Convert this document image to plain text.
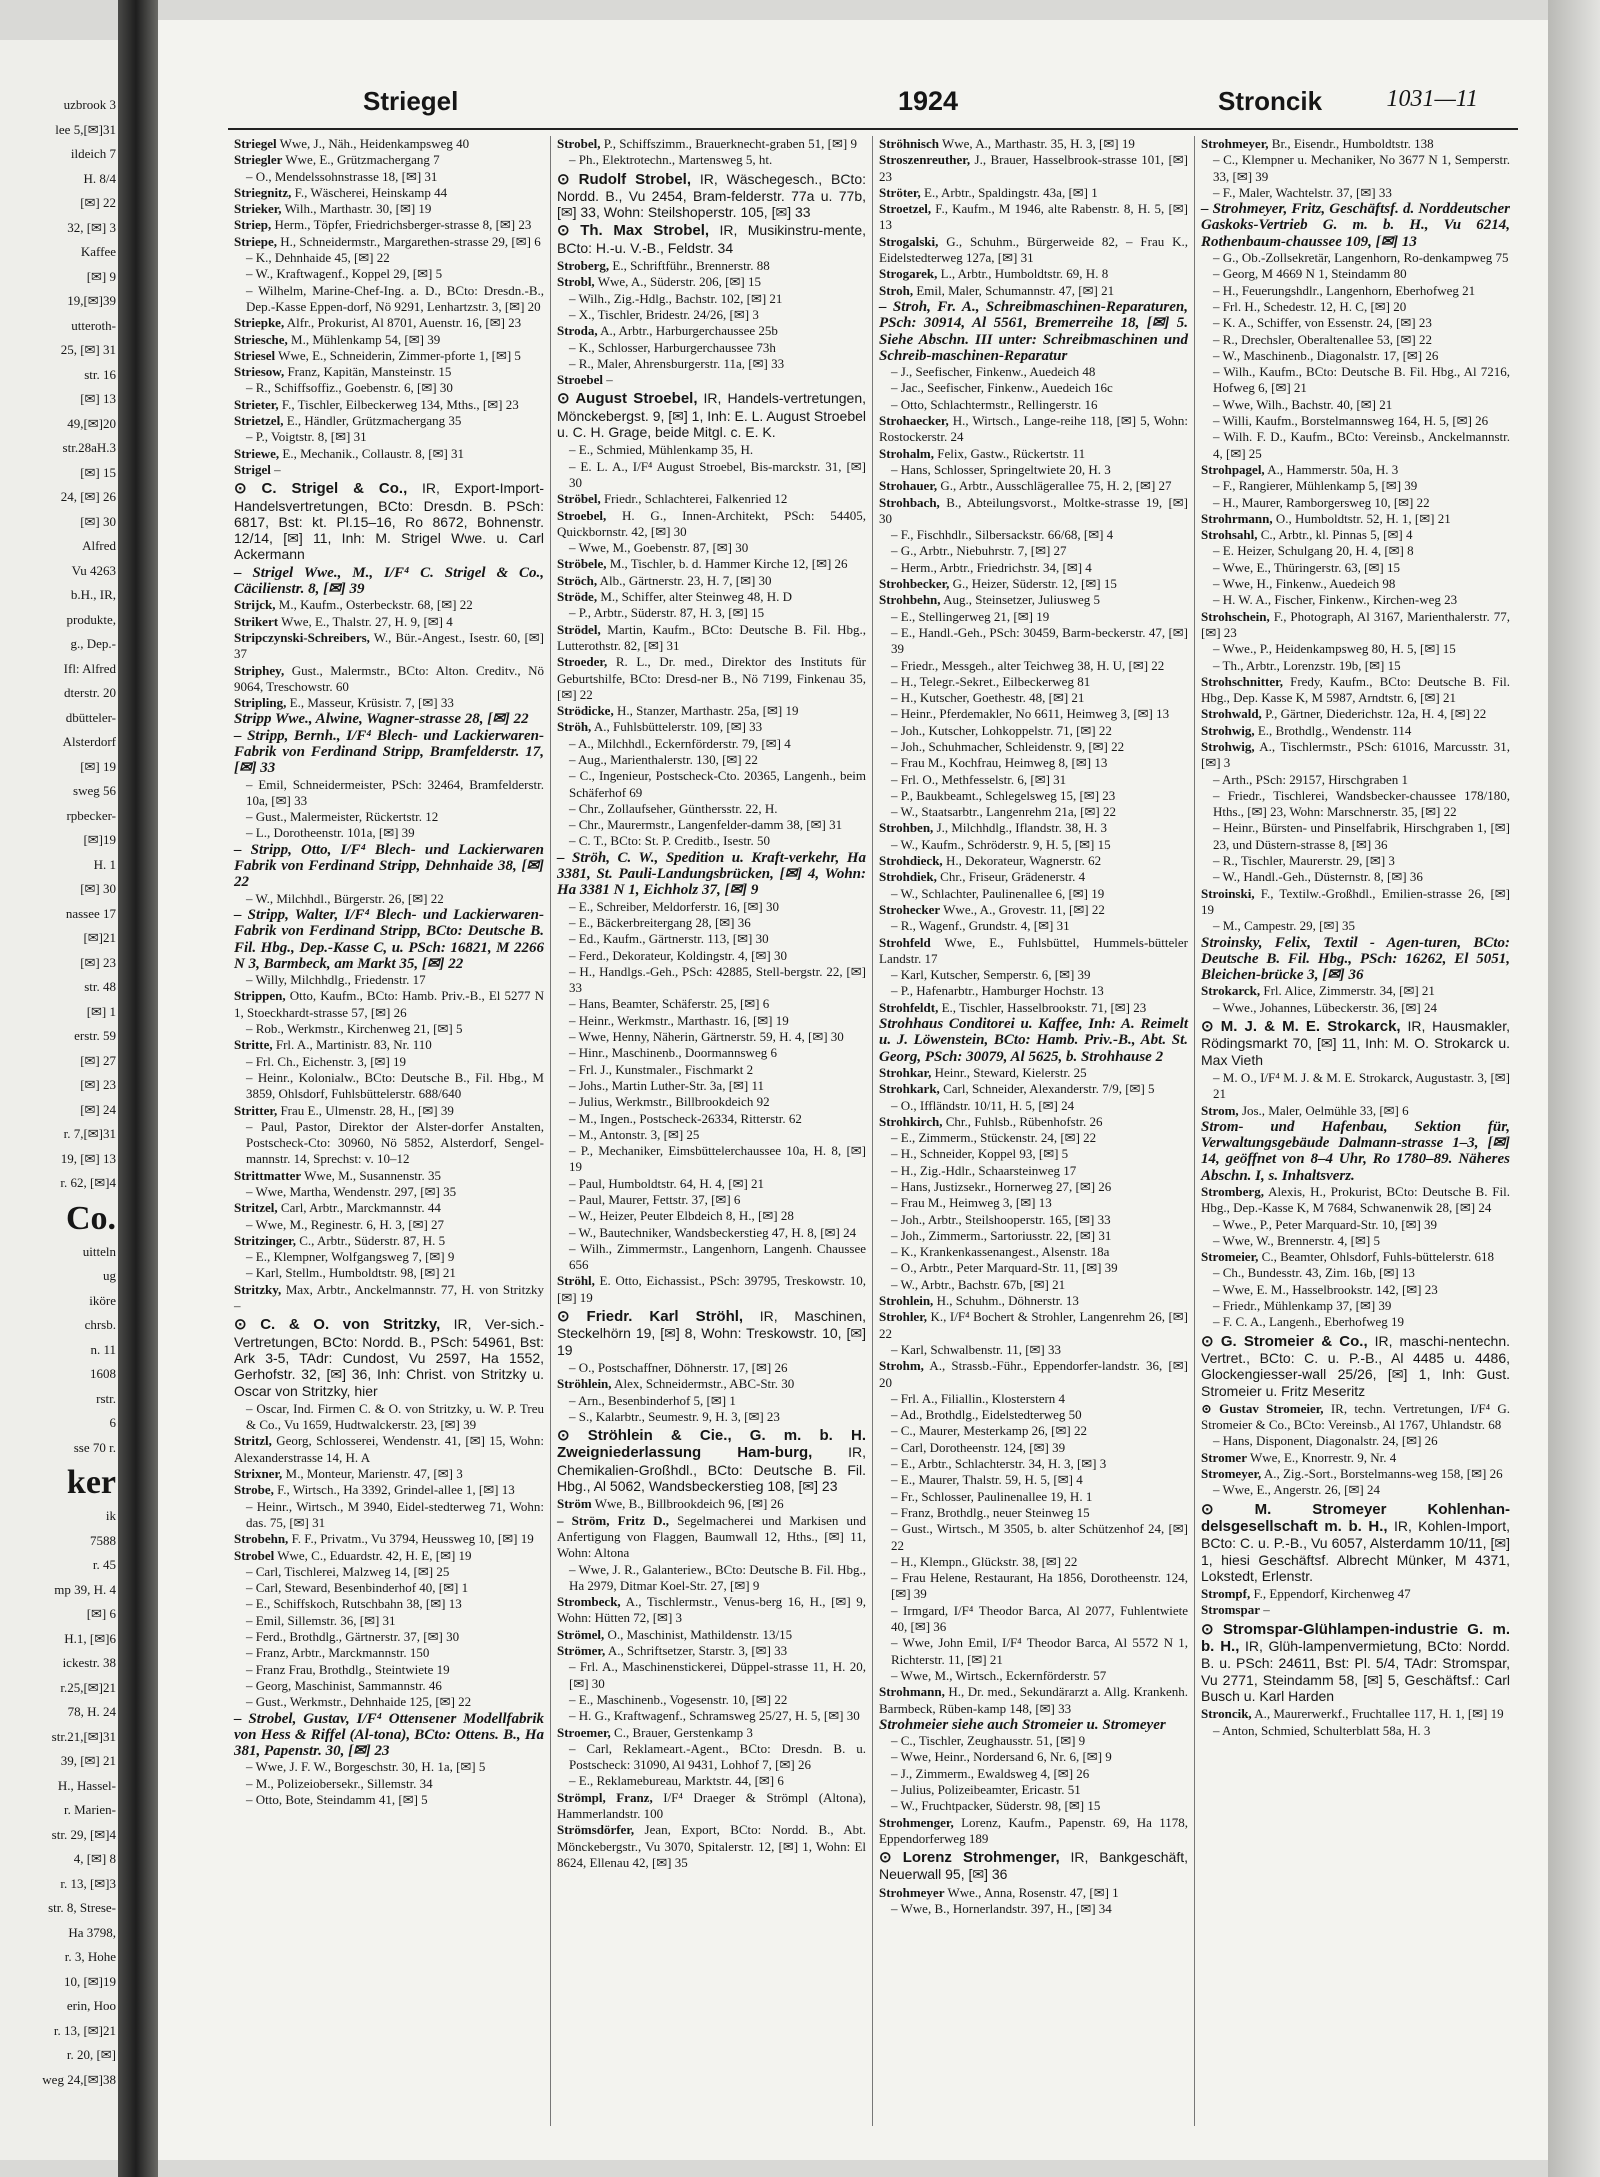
uzbrook 3
lee 5,[✉]31
ildeich 7
H. 8/4
[✉] 22
32, [✉] 3
Kaffee
[✉] 9
19,[✉]39
utteroth-
25, [✉] 31
str. 16
[✉] 13
49,[✉]20
str.28aH.3
[✉] 15
24, [✉] 26
[✉] 30
Alfred
Vu 4263
b.H., IR,
produkte,
g., Dep.-
Ifl: Alfred
dterstr. 20
dbütteler-
Alsterdorf
[✉] 19
sweg 56
rpbecker-
[✉]19
H. 1
[✉] 30
nassee 17
[✉]21
[✉] 23
str. 48
[✉] 1
erstr. 59
[✉] 27
[✉] 23
[✉] 24
r. 7,[✉]31
19, [✉] 13
r. 62, [✉]4
Co.
uitteln
ug
iköre
chrsb.
n. 11
1608
rstr.
6
sse 70 r.
ker
ik
7588
r. 45
mp 39, H. 4
[✉] 6
H.1, [✉]6
ickestr. 38
r.25,[✉]21
78, H. 24
str.21,[✉]31
39, [✉] 21
H., Hassel-
r. Marien-
str. 29, [✉]4
4, [✉] 8
r. 13, [✉]3
str. 8, Strese-
Ha 3798,
r. 3, Hohe
10, [✉]19
erin, Hoo
r. 13, [✉]21
r. 20, [✉]
weg 24,[✉]38
Striegel	1924	Stroncik	1031—11

Striegel Wwe, J., Näh., Heidenkampsweg 40

Striegler Wwe, E., Grützmachergang 7

– O., Mendelssohnstrasse 18, [✉] 31

Striegnitz, F., Wäscherei, Heinskamp 44

Strieker, Wilh., Marthastr. 30, [✉] 19

Striep, Herm., Töpfer, Friedrichsberger-strasse 8, [✉] 23

Striepe, H., Schneidermstr., Margarethen-strasse 29, [✉] 6

– K., Dehnhaide 45, [✉] 22

– W., Kraftwagenf., Koppel 29, [✉] 5

– Wilhelm, Marine-Chef-Ing. a. D., BCto: Dresdn.-B., Dep.-Kasse Eppen-dorf, Nö 9291, Lenhartzstr. 3, [✉] 20

Striepke, Alfr., Prokurist, Al 8701, Auenstr. 16, [✉] 23

Striesche, M., Mühlenkamp 54, [✉] 39

Striesel Wwe, E., Schneiderin, Zimmer-pforte 1, [✉] 5

Striesow, Franz, Kapitän, Mansteinstr. 15

– R., Schiffsoffiz., Goebenstr. 6, [✉] 30

Strieter, F., Tischler, Eilbeckerweg 134, Mths., [✉] 23

Strietzel, E., Händler, Grützmachergang 35

– P., Voigtstr. 8, [✉] 31

Striewe, E., Mechanik., Collaustr. 8, [✉] 31

Strigel –

⊙ C. Strigel & Co., IR, Export-Import-Handelsvertretungen, BCto: Dresdn. B. PSch: 6817, Bst: kt. Pl.15–16, Ro 8672, Bohnenstr. 12/14, [✉] 11, Inh: M. Strigel Wwe. u. Carl Ackermann

– Strigel Wwe., M., I/F⁴ C. Strigel & Co., Cäcilienstr. 8, [✉] 39

Strijck, M., Kaufm., Osterbeckstr. 68, [✉] 22

Strikert Wwe, E., Thalstr. 27, H. 9, [✉] 4

Stripczynski-Schreibers, W., Bür.-Angest., Isestr. 60, [✉] 37

Striphey, Gust., Malermstr., BCto: Alton. Creditv., Nö 9064, Treschowstr. 60

Stripling, E., Masseur, Krüsistr. 7, [✉] 33

Stripp Wwe., Alwine, Wagner-strasse 28, [✉] 22

– Stripp, Bernh., I/F⁴ Blech- und Lackierwaren-Fabrik von Ferdinand Stripp, Bramfelderstr. 17, [✉] 33

– Emil, Schneidermeister, PSch: 32464, Bramfelderstr. 10a, [✉] 33

– Gust., Malermeister, Rückertstr. 12

– L., Dorotheenstr. 101a, [✉] 39

– Stripp, Otto, I/F⁴ Blech- und Lackierwaren Fabrik von Ferdinand Stripp, Dehnhaide 38, [✉] 22

– W., Milchhdl., Bürgerstr. 26, [✉] 22

– Stripp, Walter, I/F⁴ Blech- und Lackierwaren-Fabrik von Ferdinand Stripp, BCto: Deutsche B. Fil. Hbg., Dep.-Kasse C, u. PSch: 16821, M 2266 N 3, Barmbeck, am Markt 35, [✉] 22

– Willy, Milchhdlg., Friedenstr. 17

Strippen, Otto, Kaufm., BCto: Hamb. Priv.-B., El 5277 N 1, Stoeckhardt-strasse 57, [✉] 26

– Rob., Werkmstr., Kirchenweg 21, [✉] 5

Stritte, Frl. A., Martinistr. 83, Nr. 110

– Frl. Ch., Eichenstr. 3, [✉] 19

– Heinr., Kolonialw., BCto: Deutsche B., Fil. Hbg., M 3859, Ohlsdorf, Fuhlsbüttelerstr. 688/640

Stritter, Frau E., Ulmenstr. 28, H., [✉] 39

– Paul, Pastor, Direktor der Alster-dorfer Anstalten, Postscheck-Cto: 30960, Nö 5852, Alsterdorf, Sengel-mannstr. 14, Sprechst: v. 10–12

Strittmatter Wwe, M., Susannenstr. 35

– Wwe, Martha, Wendenstr. 297, [✉] 35

Stritzel, Carl, Arbtr., Marckmannstr. 44

– Wwe, M., Reginestr. 6, H. 3, [✉] 27

Stritzinger, C., Arbtr., Süderstr. 87, H. 5

– E., Klempner, Wolfgangsweg 7, [✉] 9

– Karl, Stellm., Humboldtstr. 98, [✉] 21

Stritzky, Max, Arbtr., Anckelmannstr. 77, H. von Stritzky –

⊙ C. & O. von Stritzky, IR, Ver-sich.-Vertretungen, BCto: Nordd. B., PSch: 54961, Bst: Ark 3-5, TAdr: Cundost, Vu 2597, Ha 1552, Gerhofstr. 32, [✉] 36, Inh: Christ. von Stritzky u. Oscar von Stritzky, hier

– Oscar, Ind. Firmen C. & O. von Stritzky, u. W. P. Treu & Co., Vu 1659, Hudtwalckerstr. 23, [✉] 39

Stritzl, Georg, Schlosserei, Wendenstr. 41, [✉] 15, Wohn: Alexanderstrasse 14, H. A

Strixner, M., Monteur, Marienstr. 47, [✉] 3

Strobe, F., Wirtsch., Ha 3392, Grindel-allee 1, [✉] 13

– Heinr., Wirtsch., M 3940, Eidel-stedterweg 71, Wohn: das. 75, [✉] 31

Strobehn, F. F., Privatm., Vu 3794, Heussweg 10, [✉] 19

Strobel Wwe, C., Eduardstr. 42, H. E, [✉] 19

– Carl, Tischlerei, Malzweg 14, [✉] 25

– Carl, Steward, Besenbinderhof 40, [✉] 1

– E., Schiffskoch, Rutschbahn 38, [✉] 13

– Emil, Sillemstr. 36, [✉] 31

– Ferd., Brothdlg., Gärtnerstr. 37, [✉] 30

– Franz, Arbtr., Marckmannstr. 150

– Franz Frau, Brothdlg., Steintwiete 19

– Georg, Maschinist, Sammannstr. 46

– Gust., Werkmstr., Dehnhaide 125, [✉] 22

– Strobel, Gustav, I/F⁴ Ottensener Modellfabrik von Hess & Riffel (Al-tona), BCto: Ottens. B., Ha 381, Papenstr. 30, [✉] 23

– Wwe, J. F. W., Borgeschstr. 30, H. 1a, [✉] 5

– M., Polizeiobersekr., Sillemstr. 34

– Otto, Bote, Steindamm 41, [✉] 5

Strobel, P., Schiffszimm., Brauerknecht-graben 51, [✉] 9

– Ph., Elektrotechn., Martensweg 5, ht.

⊙ Rudolf Strobel, IR, Wäschegesch., BCto: Nordd. B., Vu 2454, Bram-felderstr. 77a u. 77b, [✉] 33, Wohn: Steilshoperstr. 105, [✉] 33

⊙ Th. Max Strobel, IR, Musikinstru-mente, BCto: H.-u. V.-B., Feldstr. 34

Stroberg, E., Schriftführ., Brennerstr. 88

Strobl, Wwe, A., Süderstr. 206, [✉] 15

– Wilh., Zig.-Hdlg., Bachstr. 102, [✉] 21

– X., Tischler, Bridestr. 24/26, [✉] 3

Stroda, A., Arbtr., Harburgerchaussee 25b

– K., Schlosser, Harburgerchaussee 73h

– R., Maler, Ahrensburgerstr. 11a, [✉] 33

Stroebel –

⊙ August Stroebel, IR, Handels-vertretungen, Mönckebergst. 9, [✉] 1, Inh: E. L. August Stroebel u. C. H. Grage, beide Mitgl. c. E. K.

– E., Schmied, Mühlenkamp 35, H.

– E. L. A., I/F⁴ August Stroebel, Bis-marckstr. 31, [✉] 30

Ströbel, Friedr., Schlachterei, Falkenried 12

Stroebel, H. G., Innen-Architekt, PSch: 54405, Quickbornstr. 42, [✉] 30

– Wwe, M., Goebenstr. 87, [✉] 30

Ströbele, M., Tischler, b. d. Hammer Kirche 12, [✉] 26

Ströch, Alb., Gärtnerstr. 23, H. 7, [✉] 30

Ströde, M., Schiffer, alter Steinweg 48, H. D

– P., Arbtr., Süderstr. 87, H. 3, [✉] 15

Strödel, Martin, Kaufm., BCto: Deutsche B. Fil. Hbg., Lutterothstr. 82, [✉] 31

Stroeder, R. L., Dr. med., Direktor des Instituts für Geburtshilfe, BCto: Dresd-ner B., Nö 7199, Finkenau 35, [✉] 22

Strödicke, H., Stanzer, Marthastr. 25a, [✉] 19

Ströh, A., Fuhlsbüttelerstr. 109, [✉] 33

– A., Milchhdl., Eckernförderstr. 79, [✉] 4

– Aug., Marienthalerstr. 130, [✉] 22

– C., Ingenieur, Postscheck-Cto. 20365, Langenh., beim Schäferhof 69

– Chr., Zollaufseher, Günthersstr. 22, H.

– Chr., Maurermstr., Langenfelder-damm 38, [✉] 31

– C. T., BCto: St. P. Creditb., Isestr. 50

– Ströh, C. W., Spedition u. Kraft-verkehr, Ha 3381, St. Pauli-Landungsbrücken, [✉] 4, Wohn: Ha 3381 N 1, Eichholz 37, [✉] 9

– E., Schreiber, Meldorferstr. 16, [✉] 30

– E., Bäckerbreitergang 28, [✉] 36

– Ed., Kaufm., Gärtnerstr. 113, [✉] 30

– Ferd., Dekorateur, Koldingstr. 4, [✉] 30

– H., Handlgs.-Geh., PSch: 42885, Stell-bergstr. 22, [✉] 33

– Hans, Beamter, Schäferstr. 25, [✉] 6

– Heinr., Werkmstr., Marthastr. 16, [✉] 19

– Wwe, Henny, Näherin, Gärtnerstr. 59, H. 4, [✉] 30

– Hinr., Maschinenb., Doormannsweg 6

– Frl. J., Kunstmaler., Fischmarkt 2

– Johs., Martin Luther-Str. 3a, [✉] 11

– Julius, Werkmstr., Billbrookdeich 92

– M., Ingen., Postscheck-26334, Ritterstr. 62

– M., Antonstr. 3, [✉] 25

– P., Mechaniker, Eimsbüttelerchaussee 10a, H. 8, [✉] 19

– Paul, Humboldtstr. 64, H. 4, [✉] 21

– Paul, Maurer, Fettstr. 37, [✉] 6

– W., Heizer, Peuter Elbdeich 8, H., [✉] 28

– W., Bautechniker, Wandsbeckerstieg 47, H. 8, [✉] 24

– Wilh., Zimmermstr., Langenhorn, Langenh. Chaussee 656

Ströhl, E. Otto, Eichassist., PSch: 39795, Treskowstr. 10, [✉] 19

⊙ Friedr. Karl Ströhl, IR, Maschinen, Steckelhörn 19, [✉] 8, Wohn: Treskowstr. 10, [✉] 19

– O., Postschaffner, Döhnerstr. 17, [✉] 26

Ströhlein, Alex, Schneidermstr., ABC-Str. 30

– Arn., Besenbinderhof 5, [✉] 1

– S., Kalarbtr., Seumestr. 9, H. 3, [✉] 23

⊙ Ströhlein & Cie., G. m. b. H. Zweigniederlassung Ham-burg,	IR, Chemikalien-Großhdl., BCto: Deutsche B. Fil. Hbg., Al 5062, Wandsbeckerstieg 108, [✉] 23

Ström Wwe, B., Billbrookdeich 96, [✉] 26

– Ström, Fritz D., Segelmacherei und Markisen und Anfertigung von Flaggen, Baumwall 12, Hths., [✉] 11, Wohn: Altona

– Wwe, J. R., Galanteriew., BCto: Deutsche B. Fil. Hbg., Ha 2979, Ditmar Koel-Str. 27, [✉] 9

Strombeck, A., Tischlermstr., Venus-berg 16, H., [✉] 9, Wohn: Hütten 72, [✉] 3

Strömel, O., Maschinist, Mathildenstr. 13/15

Strömer, A., Schriftsetzer, Starstr. 3, [✉] 33

– Frl. A., Maschinenstickerei, Düppel-strasse 11, H. 20, [✉] 30

– E., Maschinenb., Vogesenstr. 10, [✉] 22

– H. G., Kraftwagenf., Schramsweg 25/27, H. 5, [✉] 30

Stroemer, C., Brauer, Gerstenkamp 3

– Carl, Reklameart.-Agent., BCto: Dresdn. B. u. Postscheck: 31090, Al 9431, Lohhof 7, [✉] 26

– E., Reklamebureau, Marktstr. 44, [✉] 6

Strömpl, Franz, I/F⁴ Draeger & Strömpl (Altona), Hammerlandstr. 100

Strömsdörfer, Jean, Export, BCto: Nordd. B., Abt. Mönckebergstr., Vu 3070, Spitalerstr. 12, [✉] 1, Wohn: El 8624, Ellenau 42, [✉] 35

Ströhnisch Wwe, A., Marthastr. 35, H. 3, [✉] 19

Stroszenreuther, J., Brauer, Hasselbrook-strasse 101, [✉] 23

Ströter, E., Arbtr., Spaldingstr. 43a, [✉] 1

Stroetzel, F., Kaufm., M 1946, alte Rabenstr. 8, H. 5, [✉] 13

Strogalski, G., Schuhm., Bürgerweide 82, – Frau K., Eidelstedterweg 127a, [✉] 31

Strogarek, L., Arbtr., Humboldtstr. 69, H. 8

Stroh, Emil, Maler, Schumannstr. 47, [✉] 21

– Stroh, Fr. A., Schreibmaschinen-Reparaturen, PSch: 30914, Al 5561, Bremerreihe 18, [✉] 5. Siehe Abschn. III unter: Schreibmaschinen und Schreib-maschinen-Reparatur

– J., Seefischer, Finkenw., Auedeich 48

– Jac., Seefischer, Finkenw., Auedeich 16c

– Otto, Schlachtermstr., Rellingerstr. 16

Strohaecker, H., Wirtsch., Lange-reihe 118, [✉] 5, Wohn: Rostockerstr. 24

Strohalm, Felix, Gastw., Rückertstr. 11

– Hans, Schlosser, Springeltwiete 20, H. 3

Strohauer, G., Arbtr., Ausschlägerallee 75, H. 2, [✉] 27

Strohbach, B., Abteilungsvorst., Moltke-strasse 19, [✉] 30

– F., Fischhdlr., Silbersackstr. 66/68, [✉] 4

– G., Arbtr., Niebuhrstr. 7, [✉] 27

– Herm., Arbtr., Friedrichstr. 34, [✉] 4

Strohbecker, G., Heizer, Süderstr. 12, [✉] 15

Strohbehn, Aug., Steinsetzer, Juliusweg 5

– E., Stellingerweg 21, [✉] 19

– E., Handl.-Geh., PSch: 30459, Barm-beckerstr. 47, [✉] 39

– Friedr., Messgeh., alter Teichweg 38, H. U, [✉] 22

– H., Telegr.-Sekret., Eilbeckerweg 81

– H., Kutscher, Goethestr. 48, [✉] 21

– Heinr., Pferdemakler, No 6611, Heimweg 3, [✉] 13

– Joh., Kutscher, Lohkoppelstr. 71, [✉] 22

– Joh., Schuhmacher, Schleidenstr. 9, [✉] 22

– Frau M., Kochfrau, Heimweg 8, [✉] 13

– Frl. O., Methfesselstr. 6, [✉] 31

– P., Baukbeamt., Schlegelsweg 15, [✉] 23

– W., Staatsarbtr., Langenrehm 21a, [✉] 22

Strohben, J., Milchhdlg., Iflandstr. 38, H. 3

– W., Kaufm., Schröderstr. 9, H. 5, [✉] 15

Strohdieck, H., Dekorateur, Wagnerstr. 62

Strohdiek, Chr., Friseur, Grädenerstr. 4

– W., Schlachter, Paulinenallee 6, [✉] 19

Strohecker Wwe., A., Grovestr. 11, [✉] 22

– R., Wagenf., Grundstr. 4, [✉] 31

Strohfeld Wwe, E., Fuhlsbüttel, Hummels-bütteler Landstr. 17

– Karl, Kutscher, Semperstr. 6, [✉] 39

– P., Hafenarbtr., Hamburger Hochstr. 13

Strohfeldt, E., Tischler, Hasselbrookstr. 71, [✉] 23

Strohhaus Conditorei u. Kaffee, Inh: A. Reimelt u. J. Löwenstein, BCto: Hamb. Priv.-B., Abt. St. Georg, PSch: 30079, Al 5625, b. Strohhause 2

Strohkar, Heinr., Steward, Kielerstr. 25

Strohkark, Carl, Schneider, Alexanderstr. 7/9, [✉] 5

– O., Iffländstr. 10/11, H. 5, [✉] 24

Strohkirch, Chr., Fuhlsb., Rübenhofstr. 26

– E., Zimmerm., Stückenstr. 24, [✉] 22

– H., Schneider, Koppel 93, [✉] 5

– H., Zig.-Hdlr., Schaarsteinweg 17

– Hans, Justizsekr., Hornerweg 27, [✉] 26

– Frau M., Heimweg 3, [✉] 13

– Joh., Arbtr., Steilshooperstr. 165, [✉] 33

– Joh., Zimmerm., Sartoriusstr. 22, [✉] 31

– K., Krankenkassenangest., Alsenstr. 18a

– O., Arbtr., Peter Marquard-Str. 11, [✉] 39

– W., Arbtr., Bachstr. 67b, [✉] 21

Strohlein, H., Schuhm., Döhnerstr. 13

Strohler, K., I/F⁴ Bochert & Strohler, Langenrehm 26, [✉] 22

– Karl, Schwalbenstr. 11, [✉] 33

Strohm, A., Strassb.-Führ., Eppendorfer-landstr. 36, [✉] 20

– Frl. A., Filiallin., Klosterstern 4

– Ad., Brothdlg., Eidelstedterweg 50

– C., Maurer, Mesterkamp 26, [✉] 22

– Carl, Dorotheenstr. 124, [✉] 39

– E., Arbtr., Schlachterstr. 34, H. 3, [✉] 3

– E., Maurer, Thalstr. 59, H. 5, [✉] 4

– Fr., Schlosser, Paulinenallee 19, H. 1

– Franz, Brothdlg., neuer Steinweg 15

– Gust., Wirtsch., M 3505, b. alter Schützenhof 24, [✉] 22

– H., Klempn., Glückstr. 38, [✉] 22

– Frau Helene, Restaurant, Ha 1856, Dorotheenstr. 124, [✉] 39

– Irmgard, I/F⁴ Theodor Barca, Al 2077, Fuhlentwiete 40, [✉] 36

– Wwe, John Emil, I/F⁴ Theodor Barca, Al 5572 N 1, Richterstr. 11, [✉] 21

– Wwe, M., Wirtsch., Eckernförderstr. 57

Strohmann, H., Dr. med., Sekundärarzt a. Allg. Krankenh. Barmbeck, Rüben-kamp 148, [✉] 33

Strohmeier siehe auch Stromeier u. Stromeyer

– C., Tischler, Zeughausstr. 51, [✉] 9

– Wwe, Heinr., Nordersand 6, Nr. 6, [✉] 9

– J., Zimmerm., Ewaldsweg 4, [✉] 26

– Julius, Polizeibeamter, Ericastr. 51

– W., Fruchtpacker, Süderstr. 98, [✉] 15

Strohmenger, Lorenz, Kaufm., Papenstr. 69, Ha 1178, Eppendorferweg 189

⊙ Lorenz Strohmenger, IR, Bankgeschäft, Neuerwall 95, [✉] 36

Strohmeyer Wwe., Anna, Rosenstr. 47, [✉] 1

– Wwe, B., Hornerlandstr. 397, H., [✉] 34

Strohmeyer, Br., Eisendr., Humboldtstr. 138

– C., Klempner u. Mechaniker, No 3677 N 1, Semperstr. 33, [✉] 39

– F., Maler, Wachtelstr. 37, [✉] 33

– Strohmeyer, Fritz, Geschäftsf. d. Norddeutscher Gaskoks-Vertrieb G. m. b. H., Vu 6214, Rothenbaum-chaussee 109, [✉] 13

– G., Ob.-Zollsekretär, Langenhorn, Ro-denkampweg 75

– Georg, M 4669 N 1, Steindamm 80

– H., Feuerungshdlr., Langenhorn, Eberhofweg 21

– Frl. H., Schedestr. 12, H. C, [✉] 20

– K. A., Schiffer, von Essenstr. 24, [✉] 23

– R., Drechsler, Oberaltenallee 53, [✉] 22

– W., Maschinenb., Diagonalstr. 17, [✉] 26

– Wilh., Kaufm., BCto: Deutsche B. Fil. Hbg., Al 7216, Hofweg 6, [✉] 21

– Wwe, Wilh., Bachstr. 40, [✉] 21

– Willi, Kaufm., Borstelmannsweg 164, H. 5, [✉] 26

– Wilh. F. D., Kaufm., BCto: Vereinsb., Anckelmannstr. 4, [✉] 25

Strohpagel, A., Hammerstr. 50a, H. 3

– F., Rangierer, Mühlenkamp 5, [✉] 39

– H., Maurer, Ramborgersweg 10, [✉] 22

Strohrmann, O., Humboldtstr. 52, H. 1, [✉] 21

Strohsahl, C., Arbtr., kl. Pinnas 5, [✉] 4

– E. Heizer, Schulgang 20, H. 4, [✉] 8

– Wwe, E., Thüringerstr. 63, [✉] 15

– Wwe, H., Finkenw., Auedeich 98

– H. W. A., Fischer, Finkenw., Kirchen-weg 23

Strohschein, F., Photograph, Al 3167, Marienthalerstr. 77, [✉] 23

– Wwe., P., Heidenkampsweg 80, H. 5, [✉] 15

– Th., Arbtr., Lorenzstr. 19b, [✉] 15

Strohschnitter, Fredy, Kaufm., BCto: Deutsche B. Fil. Hbg., Dep. Kasse K, M 5987, Arndtstr. 6, [✉] 21

Strohwald, P., Gärtner, Diederichstr. 12a, H. 4, [✉] 22

Strohwig, E., Brothdlg., Wendenstr. 114

Strohwig, A., Tischlermstr., PSch: 61016, Marcusstr. 31, [✉] 3

– Arth., PSch: 29157, Hirschgraben 1

– Friedr., Tischlerei, Wandsbecker-chaussee 178/180, Hths., [✉] 23, Wohn: Marschnerstr. 35, [✉] 22

– Heinr., Bürsten- und Pinselfabrik, Hirschgraben 1, [✉] 23, und Düstern-strasse 8, [✉] 36

– R., Tischler, Maurerstr. 29, [✉] 3

– W., Handl.-Geh., Düsternstr. 8, [✉] 36

Stroinski, F., Textilw.-Großhdl., Emilien-strasse 26, [✉] 19

– M., Campestr. 29, [✉] 35

Stroinsky, Felix, Textil - Agen-turen, BCto: Deutsche B. Fil. Hbg., PSch: 16262, El 5051, Bleichen-brücke 3, [✉] 36

Strokarck, Frl. Alice, Zimmerstr. 34, [✉] 21

– Wwe., Johannes, Lübeckerstr. 36, [✉] 24

⊙ M. J. & M. E. Strokarck, IR, Hausmakler, Rödingsmarkt 70, [✉] 11, Inh: M. O. Strokarck u. Max Vieth

– M. O., I/F⁴ M. J. & M. E. Strokarck, Augustastr. 3, [✉] 21

Strom, Jos., Maler, Oelmühle 33, [✉] 6

Strom- und Hafenbau, Sektion für, Verwaltungsgebäude Dalmann-strasse 1–3, [✉] 14, geöffnet von 8–4 Uhr, Ro 1780–89. Näheres Abschn. I, s. Inhaltsverz.

Stromberg, Alexis, H., Prokurist, BCto: Deutsche B. Fil. Hbg., Dep.-Kasse K, M 7684, Schwanenwik 28, [✉] 24

– Wwe., P., Peter Marquard-Str. 10, [✉] 39

– Wwe, W., Brennerstr. 4, [✉] 5

Stromeier, C., Beamter, Ohlsdorf, Fuhls-büttelerstr. 618

– Ch., Bundesstr. 43, Zim. 16b, [✉] 13

– Wwe, E. M., Hasselbrookstr. 142, [✉] 23

– Friedr., Mühlenkamp 37, [✉] 39

– F. C. A., Langenh., Eberhofweg 19

⊙ G. Stromeier & Co., IR, maschi-nentechn. Vertret., BCto: C. u. P.-B., Al 4485 u. 4486, Glockengiesser-wall 25/26, [✉] 1, Inh: Gust. Stromeier u. Fritz Meseritz

⊙ Gustav Stromeier, IR, techn. Vertretungen, I/F⁴ G. Stromeier & Co., BCto: Vereinsb., Al 1767, Uhlandstr. 68

– Hans, Disponent, Diagonalstr. 24, [✉] 26

Stromer Wwe, E., Knorrestr. 9, Nr. 4

Stromeyer, A., Zig.-Sort., Borstelmanns-weg 158, [✉] 26

– Wwe, E., Angerstr. 26, [✉] 24

⊙ M. Stromeyer Kohlenhan-delsgesellschaft m. b. H., IR, Kohlen-Import, BCto: C. u. P.-B., Vu 6057, Alsterdamm 10/11, [✉] 1, hiesi Geschäftsf. Albrecht Münker, M 4371, Lokstedt, Erlenstr.

Strompf, F., Eppendorf, Kirchenweg 47

Stromspar –

⊙ Stromspar-Glühlampen-industrie G. m. b. H., IR, Glüh-lampenvermietung, BCto: Nordd. B. u. PSch: 24611, Bst: Pl. 5/4, TAdr: Stromspar, Vu 2771, Steindamm 58, [✉] 5, Geschäftsf.: Carl Busch u. Karl Harden

Stroncik, A., Maurerwerkf., Fruchtallee 117, H. 1, [✉] 19

– Anton, Schmied, Schulterblatt 58a, H. 3
